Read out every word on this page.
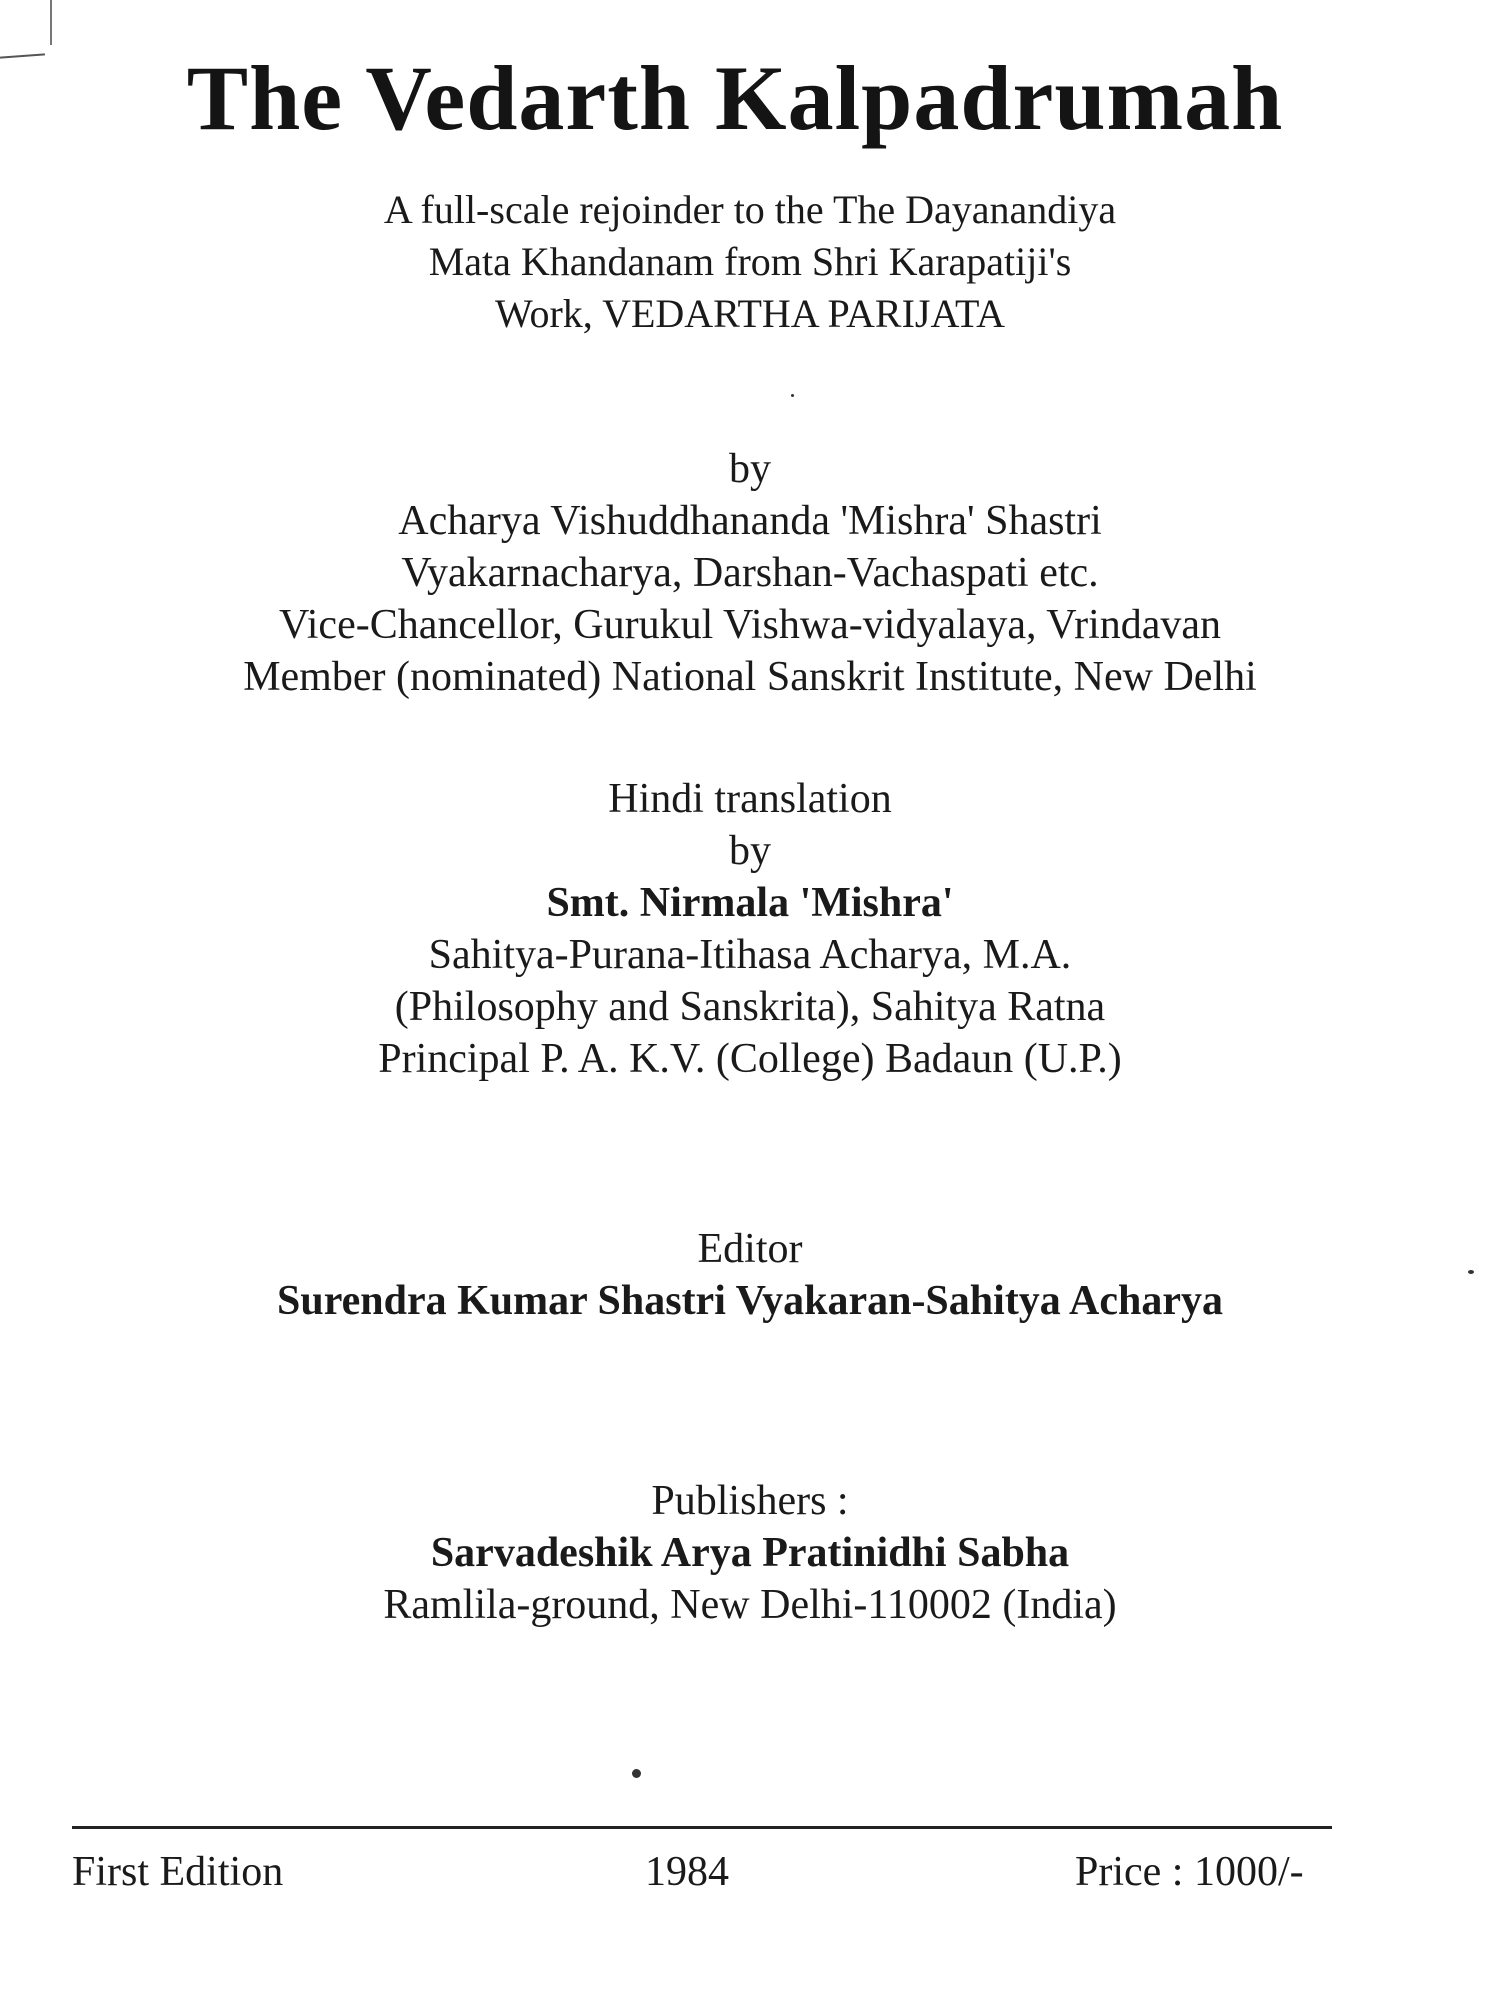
The Vedarth Kalpadrumah
A full-scale rejoinder to the The Dayanandiya
Mata Khandanam from Shri Karapatiji's
Work, VEDARTHA PARIJATA
by
Acharya Vishuddhananda 'Mishra' Shastri
Vyakarnacharya, Darshan-Vachaspati etc.
Vice-Chancellor, Gurukul Vishwa-vidyalaya, Vrindavan
Member (nominated) National Sanskrit Institute, New Delhi
Hindi translation
by
Smt. Nirmala 'Mishra'
Sahitya-Purana-Itihasa Acharya, M.A.
(Philosophy and Sanskrita), Sahitya Ratna
Principal P. A. K.V. (College) Badaun (U.P.)
Editor
Surendra Kumar Shastri Vyakaran-Sahitya Acharya
Publishers :
Sarvadeshik Arya Pratinidhi Sabha
Ramlila-ground, New Delhi-110002 (India)
First Edition	1984	Price : 1000/-
